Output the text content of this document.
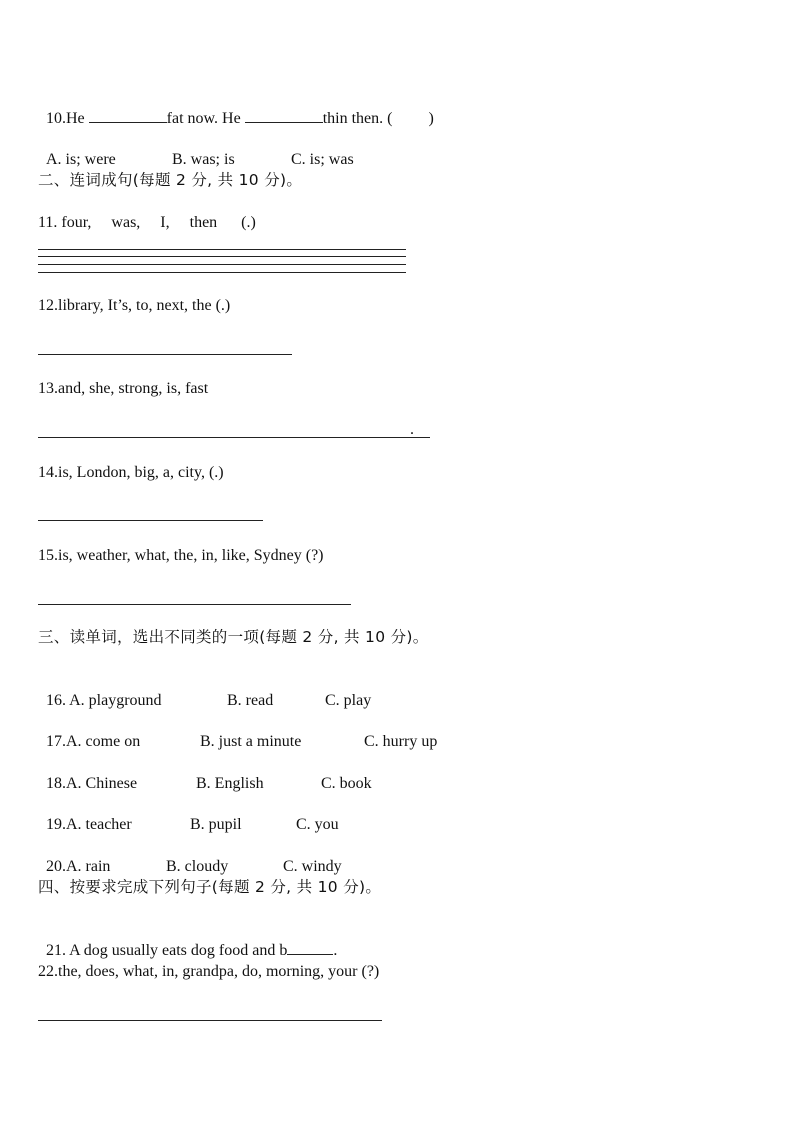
10.He	fat now. He	thin then. ( )

A. is; were	B. was; is	C. is; was

二、连词成句(每题 2 分, 共 10 分)。
11. four,     was,     I,     then      (.)
12.library, It’s, to, next, the (.)
13.and, she, strong, is, fast
.
14.is, London, big, a, city, (.)
15.is, weather, what, the, in, like, Sydney (?)
三、读单词，选出不同类的一项(每题 2 分, 共 10 分)。

16. A. playground	B. read	C. play

17.A. come on	B. just a minute	C. hurry up

18.A. Chinese	B. English	C. book

19.A. teacher	B. pupil	C. you

20.A. rain	B. cloudy	C. windy

四、按要求完成下列句子(每题 2 分, 共 10 分)。

21. A dog usually eats dog food and b	.

22.the, does, what, in, grandpa, do, morning, your (?)
